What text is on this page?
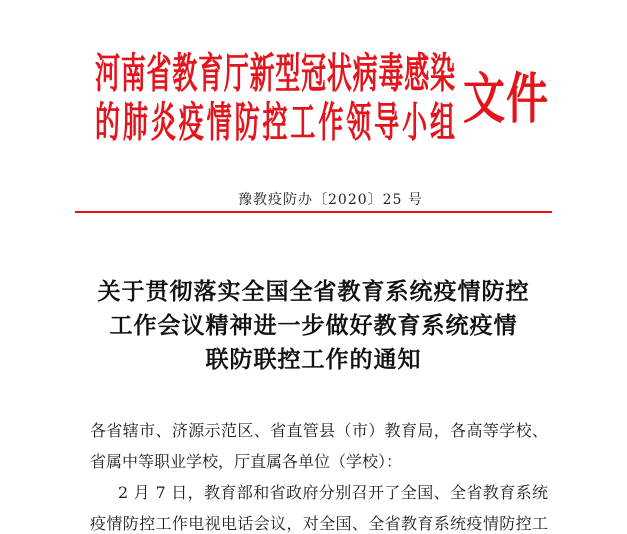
河南省教育厅新型冠状病毒感染
的肺炎疫情防控工作领导小组 文件
豫教疫防办〔2020〕25 号
关于贯彻落实全国全省教育系统疫情防控
工作会议精神进一步做好教育系统疫情
联防联控工作的通知
各省辖市、济源示范区、省直管县（市）教育局，各高等学校、
省属中等职业学校，厅直属各单位（学校）：
2 月 7 日，教育部和省政府分别召开了全国、全省教育系统
疫情防控工作电视电话会议，对全国、全省教育系统疫情防控工
